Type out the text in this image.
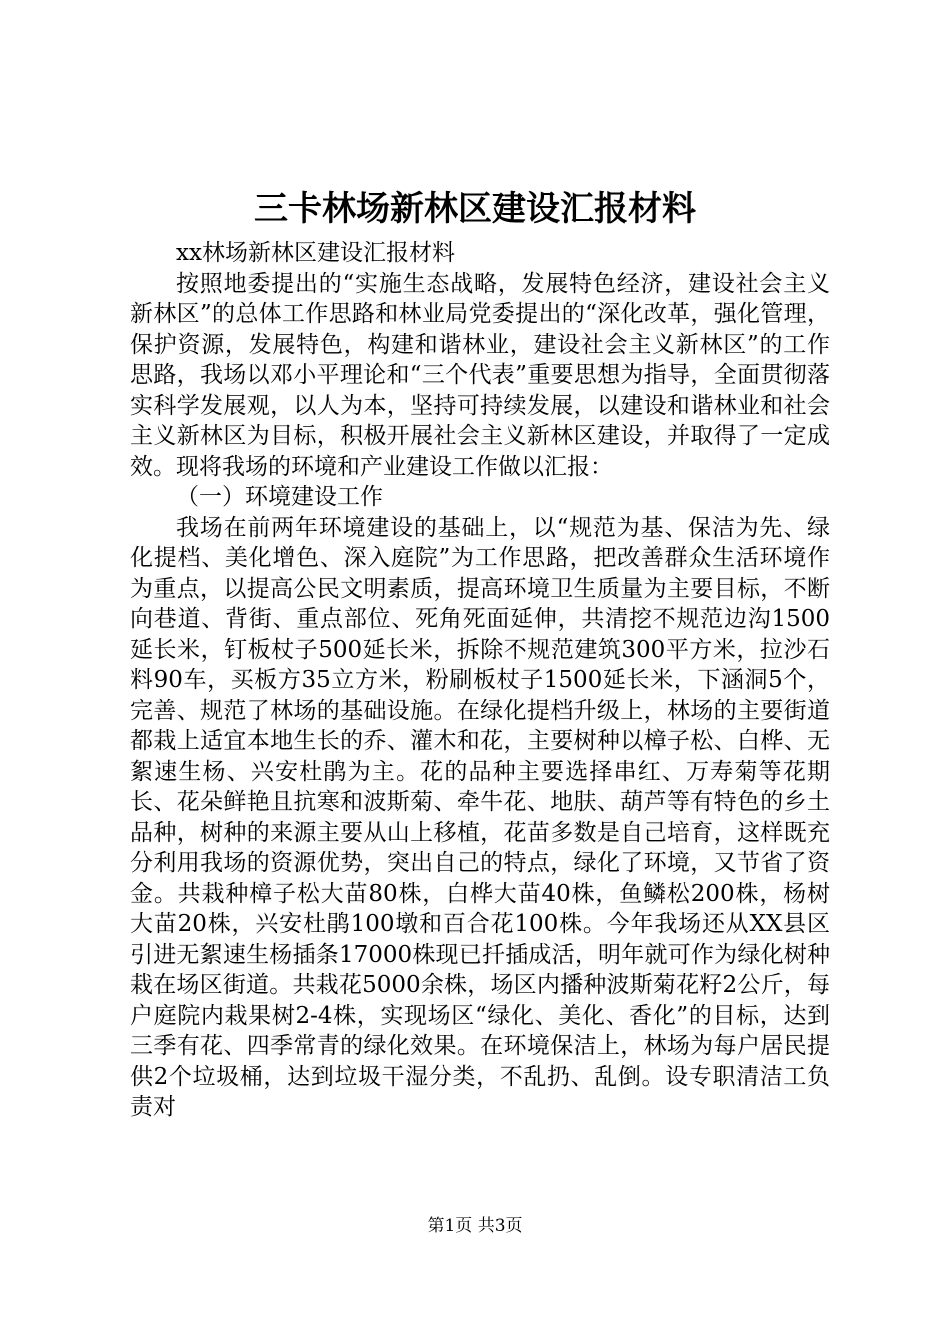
三卡林场新林区建设汇报材料

xx林场新林区建设汇报材料

按照地委提出的“实施生态战略，发展特色经济，建设社会主义新林区”的总体工作思路和林业局党委提出的“深化改革，强化管理，保护资源，发展特色，构建和谐林业，建设社会主义新林区”的工作思路，我场以邓小平理论和“三个代表”重要思想为指导，全面贯彻落实科学发展观，以人为本，坚持可持续发展，以建设和谐林业和社会主义新林区为目标，积极开展社会主义新林区建设，并取得了一定成效。现将我场的环境和产业建设工作做以汇报：

（一）环境建设工作

我场在前两年环境建设的基础上，以“规范为基、保洁为先、绿化提档、美化增色、深入庭院”为工作思路，把改善群众生活环境作为重点，以提高公民文明素质，提高环境卫生质量为主要目标，不断向巷道、背街、重点部位、死角死面延伸，共清挖不规范边沟1500延长米，钉板杖子500延长米，拆除不规范建筑300平方米，拉沙石料90车，买板方35立方米，粉刷板杖子1500延长米，下涵洞5个，完善、规范了林场的基础设施。在绿化提档升级上，林场的主要街道都栽上适宜本地生长的乔、灌木和花，主要树种以樟子松、白桦、无絮速生杨、兴安杜鹃为主。花的品种主要选择串红、万寿菊等花期长、花朵鲜艳且抗寒和波斯菊、牵牛花、地肤、葫芦等有特色的乡土品种，树种的来源主要从山上移植，花苗多数是自己培育，这样既充分利用我场的资源优势，突出自己的特点，绿化了环境，又节省了资金。共栽种樟子松大苗80株，白桦大苗40株，鱼鳞松200株，杨树大苗20株，兴安杜鹃100墩和百合花100株。今年我场还从XX县区引进无絮速生杨插条17000株现已扦插成活，明年就可作为绿化树种栽在场区街道。共栽花5000余株，场区内播种波斯菊花籽2公斤，每户庭院内栽果树2-4株，实现场区“绿化、美化、香化”的目标，达到三季有花、四季常青的绿化效果。在环境保洁上，林场为每户居民提供2个垃圾桶，达到垃圾干湿分类，不乱扔、乱倒。设专职清洁工负责对

第1页 共3页
